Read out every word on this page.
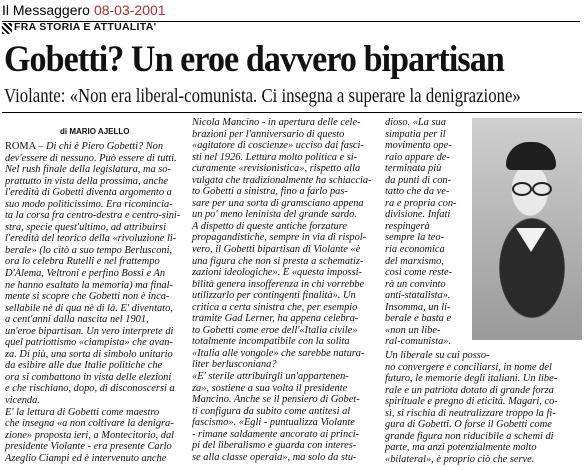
Il Messaggero 08-03-2001
FRA STORIA E ATTUALITA'
Gobetti? Un eroe davvero bipartisan
Violante: «Non era liberal-comunista. Ci insegna a superare la denigrazione»
di MARIO AJELLO
ROMA – Di chi è Piero Gobetti? Non
dev'essere di nessuno. Può essere di tutti.
Nel rush finale della legislatura, ma so-
prattutto in vista della prossima, anche
l'eredità di Gobetti diventa argomento a
suo modo politicissimo. Era ricomincia-
ta la corsa fra centro-destra e centro-sini-
stra, specie quest'ultimo, ad attribuirsi
l'eredità del teorico della «rivoluzione li-
berale» (lo citò a suo tempo Berlusconi,
ora lo celebra Rutelli e nel frattempo
D'Alema, Veltroni e perfino Bossi e An
ne hanno esaltato la memoria) ma final-
mente si scopre che Gobetti non è inca-
sellabile nè di qua nè di là. E' diventato,
a cent'anni dalla nascita nel 1901,
un'eroe bipartisan. Un vero interprete di
quel patriottismo «ciampista» che avan-
za. Di più, una sorta di simbolo unitario
da esibire alle due Italie politiche che
ora si combattono in vista delle elezioni
e che rischiano, dopo, di disconoscersi a
vicenda.
E' la lettura di Gobetti come maestro
che insegna «a non coltivare la denigra-
zione» proposta ieri, a Montecitorio, dal
presidente Violante - era presente Carlo
Azeglio Ciampi ed è intervenuto anche
Nicola Mancino - in apertura delle cele-
brazioni per l'anniversario di questo
«agitatore di coscienze» ucciso dai fasci-
sti nel 1926. Lettura molto politica e si-
curamente «revisionistica», rispetto alla
vulgata che tradizionalmente ha schiaccia-
to Gobetti a sinistra, fino a farlo pas-
sare per una sorta di gramsciano appena
un po' meno leninista del grande sardo.
A dispetto di queste antiche forzature
propagandistiche, sempre in via di rispol-
vero, il Gobetti bipartisan di Violante «è
una figura che non si presta a schematiz-
zazioni ideologiche». E «questa impossi-
bilità genera insofferenza in chi vorrebbe
utilizzarlo per contingenti finalità». Un
critica a certa sinistra che, per esempio
tramite Gad Lerner, ha appena celebra-
to Gobetti come eroe dell'«Italia civile»
totalmente incompatibile con la solita
«Italia alle vongole» che sarebbe natura-
liter berlusconiana?
«E' sterile attribuirgli un'appartenen-
za», sostiene a sua volta il presidente
Mancino. Anche se il pensiero di Gobet-
ti configura da subito come antitesi al
fascismo». «Egli - puntualizza Violante
- rimane saldamente ancorato ai princi-
pi del liberalismo e guarda con interes-
se alla classe operaia», ma solo da stu-
dioso. «La sua
simpatia per il
movimento ope-
raio appare de-
terminata più
da punti di con-
tatto che da ve-
ra e propria con-
divisione. Infati
respingerà
sempre la teo-
ria economica
del marxismo,
così come reste-
rà un convinto
anti-statalista».
Insomma, un li-
berale e basta e
«non un libe-
ral-comunista».
Un liberale su cui posso-
no convergere e conciliarsi, in nome del
futuro, le memorie degli italiani. Un libe-
rale e un patriota dotato di grande forza
spirituale e pregno di eticità. Magari, co-
sì, si rischia di neutralizzare troppo la fi-
gura di Gobetti. O forse il Gobetti come
grande figura non riducibile a schemi di
parte, ma anzi potenzialmente molto
«bilateral», è proprio ciò che serve.
